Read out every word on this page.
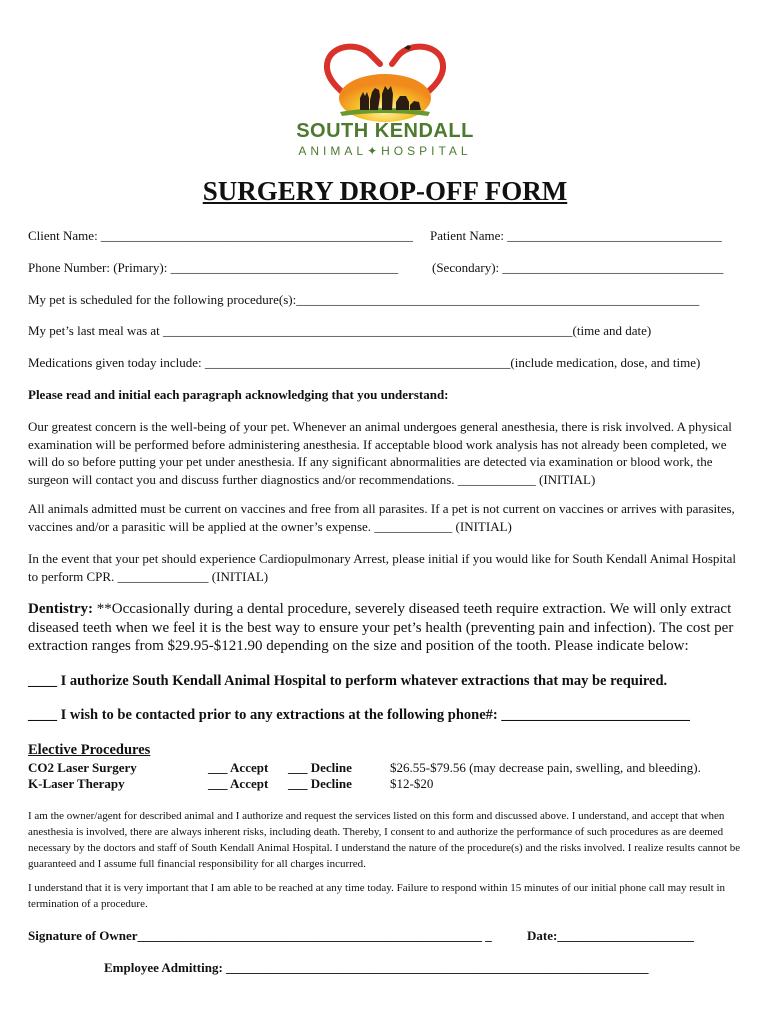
SOUTH KENDALL
ANIMAL✦HOSPITAL
SURGERY DROP-OFF FORM
Client Name: ________________________________________________ Patient Name: _________________________________
Phone Number: (Primary): ___________________________________	(Secondary): __________________________________
My pet is scheduled for the following procedure(s):______________________________________________________________
My pet’s last meal was at _______________________________________________________________(time and date)
Medications given today include: _______________________________________________(include medication, dose, and time)
Please read and initial each paragraph acknowledging that you understand:
Our greatest concern is the well-being of your pet. Whenever an animal undergoes general anesthesia, there is risk involved. A physical examination will be performed before administering anesthesia. If acceptable blood work analysis has not already been completed, we will do so before putting your pet under anesthesia. If any significant abnormalities are detected via examination or blood work, the surgeon will contact you and discuss further diagnostics and/or recommendations. ____________ (INITIAL)
All animals admitted must be current on vaccines and free from all parasites. If a pet is not current on vaccines or arrives with parasites, vaccines and/or a parasitic will be applied at the owner’s expense. ____________ (INITIAL)
In the event that your pet should experience Cardiopulmonary Arrest, please initial if you would like for South Kendall Animal Hospital to perform CPR. ______________ (INITIAL)
Dentistry: **Occasionally during a dental procedure, severely diseased teeth require extraction. We will only extract diseased teeth when we feel it is the best way to ensure your pet’s health (preventing pain and infection). The cost per extraction ranges from $29.95-$121.90 depending on the size and position of the tooth. Please indicate below:
____ I authorize South Kendall Animal Hospital to perform whatever extractions that may be required.
____ I wish to be contacted prior to any extractions at the following phone#: __________________________
Elective Procedures
CO2 Laser Surgery	___ Accept ___ Decline	$26.55-$79.56 (may decrease pain, swelling, and bleeding).
K-Laser Therapy	___ Accept ___ Decline	$12-$20
I am the owner/agent for described animal and I authorize and request the services listed on this form and discussed above. I understand, and accept that when anesthesia is involved, there are always inherent risks, including death. Thereby, I consent to and authorize the performance of such procedures as are deemed necessary by the doctors and staff of South Kendall Animal Hospital. I understand the nature of the procedure(s) and the risks involved. I realize results cannot be guaranteed and I assume full financial responsibility for all charges incurred.
I understand that it is very important that I am able to be reached at any time today. Failure to respond within 15 minutes of our initial phone call may result in termination of a procedure.
Signature of Owner_____________________________________________________ _	Date:_____________________
Employee Admitting: _________________________________________________________________
